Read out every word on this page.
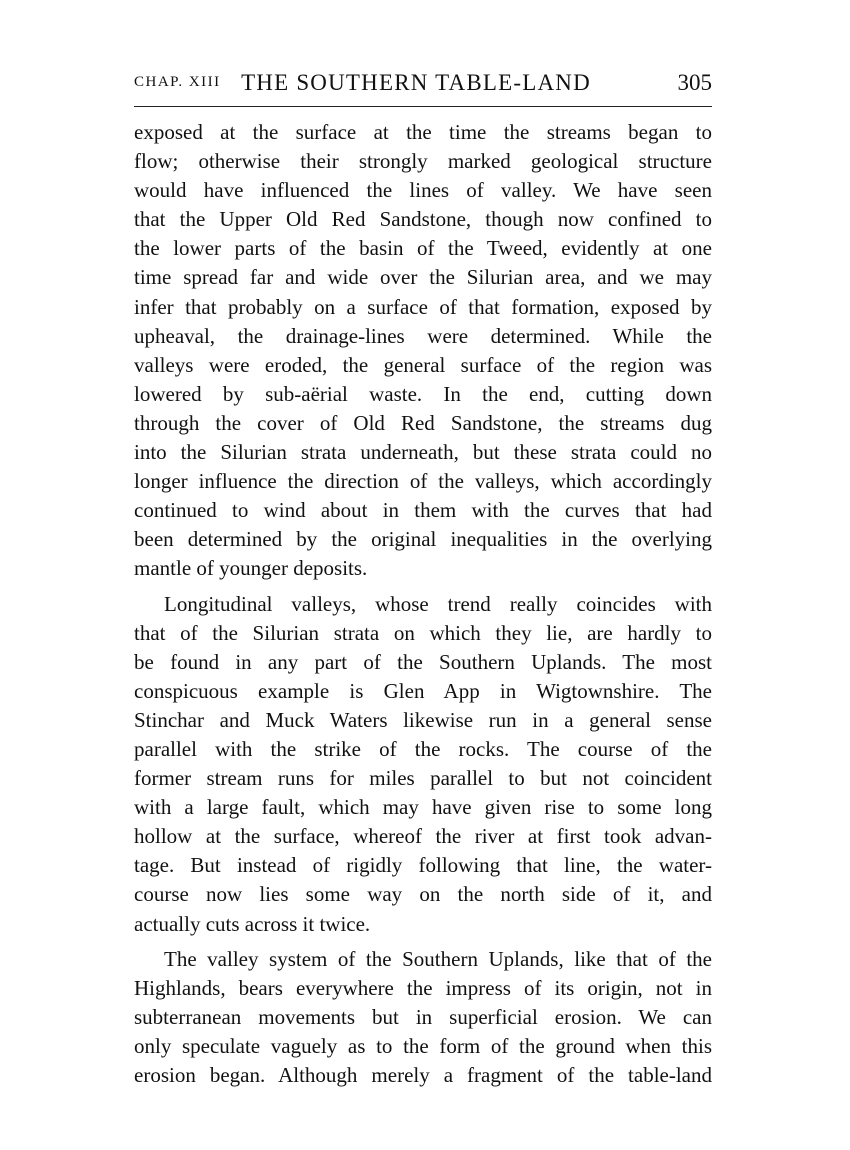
CHAP. XIII THE SOUTHERN TABLE-LAND	305
exposed at the surface at the time the streams began to
flow; otherwise their strongly marked geological structure
would have influenced the lines of valley. We have seen
that the Upper Old Red Sandstone, though now confined to
the lower parts of the basin of the Tweed, evidently at one
time spread far and wide over the Silurian area, and we may
infer that probably on a surface of that formation, exposed by
upheaval, the drainage-lines were determined. While the
valleys were eroded, the general surface of the region was
lowered by sub-aërial waste. In the end, cutting down
through the cover of Old Red Sandstone, the streams dug
into the Silurian strata underneath, but these strata could no
longer influence the direction of the valleys, which accordingly
continued to wind about in them with the curves that had
been determined by the original inequalities in the overlying
mantle of younger deposits.
Longitudinal valleys, whose trend really coincides with
that of the Silurian strata on which they lie, are hardly to
be found in any part of the Southern Uplands. The most
conspicuous example is Glen App in Wigtownshire. The
Stinchar and Muck Waters likewise run in a general sense
parallel with the strike of the rocks. The course of the
former stream runs for miles parallel to but not coincident
with a large fault, which may have given rise to some long
hollow at the surface, whereof the river at first took advan-
tage. But instead of rigidly following that line, the water-
course now lies some way on the north side of it, and
actually cuts across it twice.
The valley system of the Southern Uplands, like that of the
Highlands, bears everywhere the impress of its origin, not in
subterranean movements but in superficial erosion. We can
only speculate vaguely as to the form of the ground when this
erosion began. Although merely a fragment of the table-land
